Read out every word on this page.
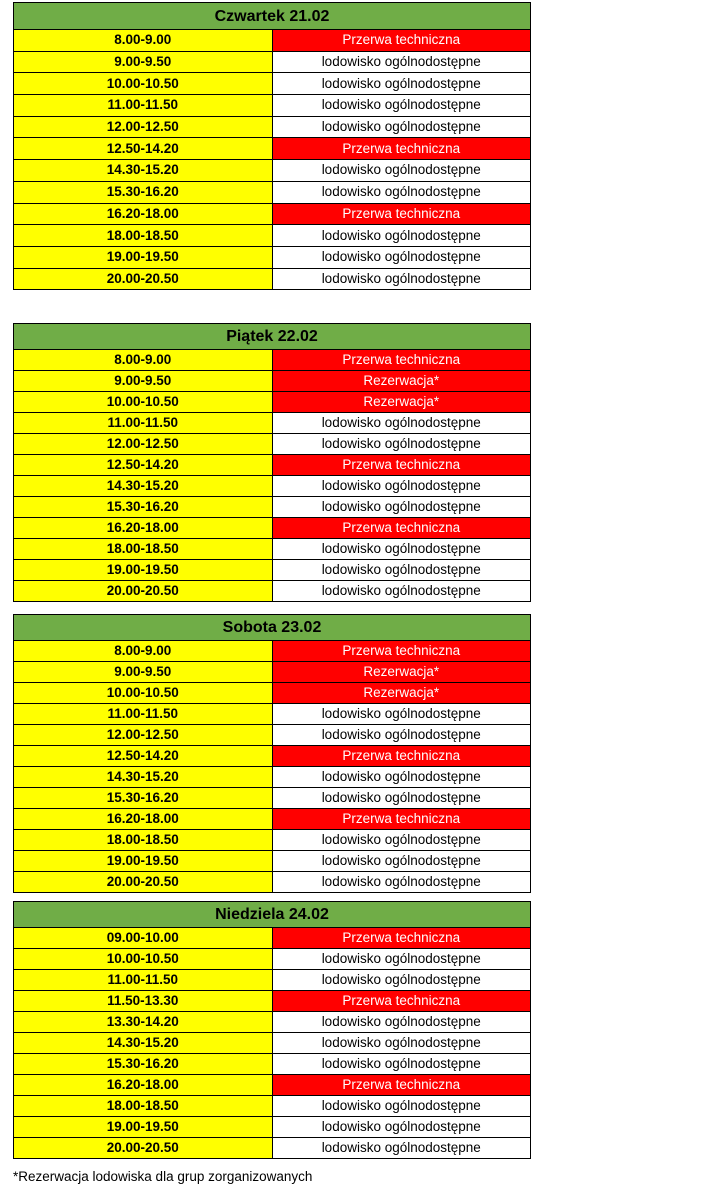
Czwartek 21.02	
8.00-9.00	Przerwa techniczna
9.00-9.50	lodowisko ogólnodostępne
10.00-10.50	lodowisko ogólnodostępne
11.00-11.50	lodowisko ogólnodostępne
12.00-12.50	lodowisko ogólnodostępne
12.50-14.20	Przerwa techniczna
14.30-15.20	lodowisko ogólnodostępne
15.30-16.20	lodowisko ogólnodostępne
16.20-18.00	Przerwa techniczna
18.00-18.50	lodowisko ogólnodostępne
19.00-19.50	lodowisko ogólnodostępne
20.00-20.50	lodowisko ogólnodostępne
Piątek 22.02	
8.00-9.00	Przerwa techniczna
9.00-9.50	Rezerwacja*
10.00-10.50	Rezerwacja*
11.00-11.50	lodowisko ogólnodostępne
12.00-12.50	lodowisko ogólnodostępne
12.50-14.20	Przerwa techniczna
14.30-15.20	lodowisko ogólnodostępne
15.30-16.20	lodowisko ogólnodostępne
16.20-18.00	Przerwa techniczna
18.00-18.50	lodowisko ogólnodostępne
19.00-19.50	lodowisko ogólnodostępne
20.00-20.50	lodowisko ogólnodostępne
Sobota 23.02	
8.00-9.00	Przerwa techniczna
9.00-9.50	Rezerwacja*
10.00-10.50	Rezerwacja*
11.00-11.50	lodowisko ogólnodostępne
12.00-12.50	lodowisko ogólnodostępne
12.50-14.20	Przerwa techniczna
14.30-15.20	lodowisko ogólnodostępne
15.30-16.20	lodowisko ogólnodostępne
16.20-18.00	Przerwa techniczna
18.00-18.50	lodowisko ogólnodostępne
19.00-19.50	lodowisko ogólnodostępne
20.00-20.50	lodowisko ogólnodostępne
Niedziela 24.02	
09.00-10.00	Przerwa techniczna
10.00-10.50	lodowisko ogólnodostępne
11.00-11.50	lodowisko ogólnodostępne
11.50-13.30	Przerwa techniczna
13.30-14.20	lodowisko ogólnodostępne
14.30-15.20	lodowisko ogólnodostępne
15.30-16.20	lodowisko ogólnodostępne
16.20-18.00	Przerwa techniczna
18.00-18.50	lodowisko ogólnodostępne
19.00-19.50	lodowisko ogólnodostępne
20.00-20.50	lodowisko ogólnodostępne
*Rezerwacja lodowiska dla grup zorganizowanych
